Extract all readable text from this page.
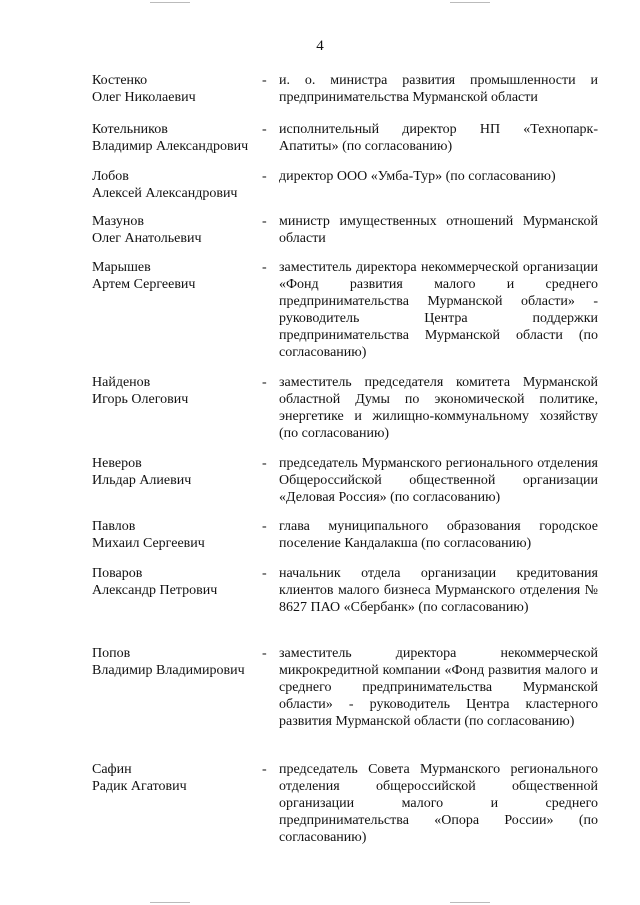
4
Костенко
Олег Николаевич
- и. о. министра развития промышленности и предпринимательства Мурманской области
Котельников
Владимир Александрович
- исполнительный директор НП «Технопарк-Апатиты» (по согласованию)
Лобов
Алексей Александрович
- директор ООО «Умба-Тур» (по согласованию)
Мазунов
Олег Анатольевич
- министр имущественных отношений Мурманской области
Марышев
Артем Сергеевич
- заместитель директора некоммерческой организации «Фонд развития малого и среднего предпринимательства Мурманской области» - руководитель Центра поддержки предпринимательства Мурманской области (по согласованию)
Найденов
Игорь Олегович
- заместитель председателя комитета Мурманской областной Думы по экономической политике, энергетике и жилищно-коммунальному хозяйству (по согласованию)
Неверов
Ильдар Алиевич
- председатель Мурманского регионального отделения Общероссийской общественной организации «Деловая Россия» (по согласованию)
Павлов
Михаил Сергеевич
- глава муниципального образования городское поселение Кандалакша (по согласованию)
Поваров
Александр Петрович
- начальник отдела организации кредитования клиентов малого бизнеса Мурманского отделения № 8627 ПАО «Сбербанк» (по согласованию)
Попов
Владимир Владимирович
- заместитель директора некоммерческой микрокредитной компании «Фонд развития малого и среднего предпринимательства Мурманской области» - руководитель Центра кластерного развития Мурманской области (по согласованию)
Сафин
Радик Агатович
- председатель Совета Мурманского регионального отделения общероссийской общественной организации малого и среднего предпринимательства «Опора России» (по согласованию)
